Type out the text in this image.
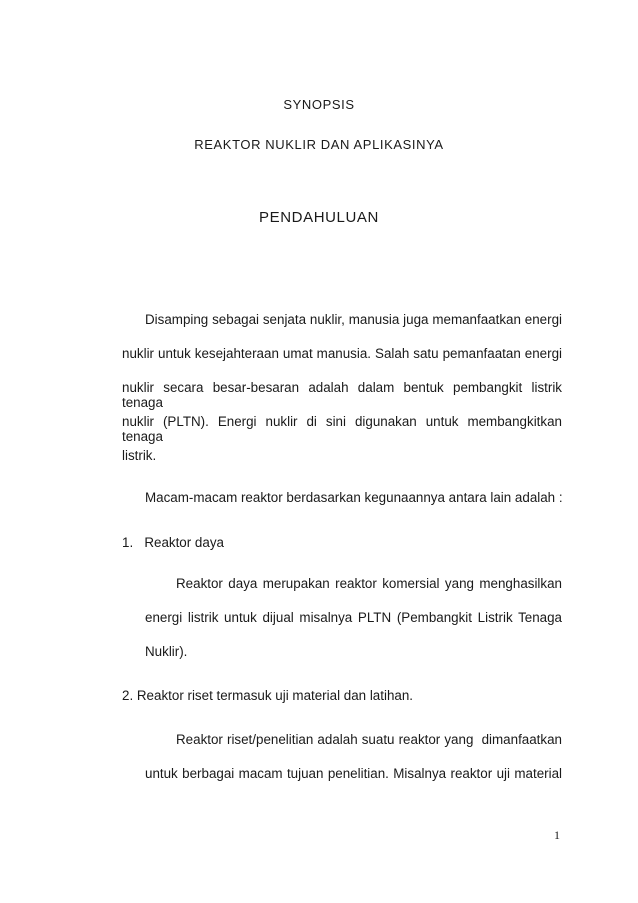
SYNOPSIS
REAKTOR NUKLIR DAN APLIKASINYA
PENDAHULUAN
Disamping sebagai senjata nuklir, manusia juga memanfaatkan energi
nuklir untuk kesejahteraan umat manusia. Salah satu pemanfaatan energi
nuklir secara besar-besaran adalah dalam bentuk pembangkit listrik tenaga
nuklir (PLTN). Energi nuklir di sini digunakan untuk membangkitkan tenaga
listrik.
Macam-macam reaktor berdasarkan kegunaannya antara lain adalah :
1.   Reaktor daya
Reaktor daya merupakan reaktor komersial yang menghasilkan
energi listrik untuk dijual misalnya PLTN (Pembangkit Listrik Tenaga
Nuklir).
2. Reaktor riset termasuk uji material dan latihan.
Reaktor riset/penelitian adalah suatu reaktor yang  dimanfaatkan
untuk berbagai macam tujuan penelitian. Misalnya reaktor uji material
1
